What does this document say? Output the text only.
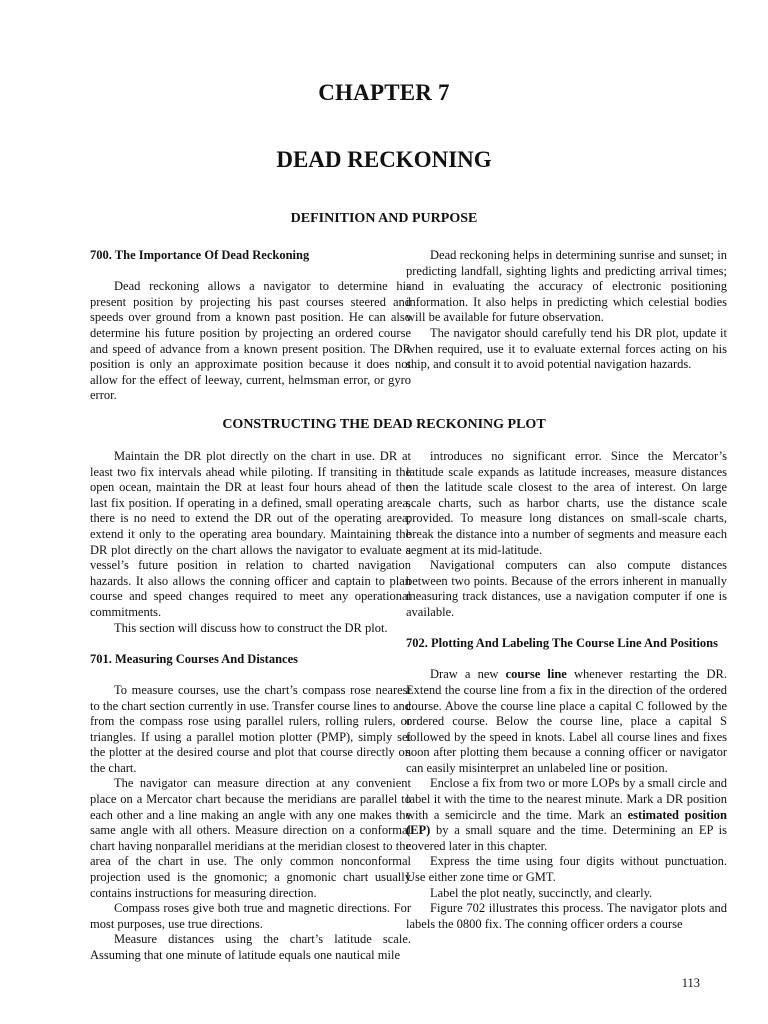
CHAPTER 7
DEAD RECKONING
DEFINITION AND PURPOSE

700. The Importance Of Dead Reckoning

Dead reckoning allows a navigator to determine his present position by projecting his past courses steered and speeds over ground from a known past position. He can also determine his future position by projecting an ordered course and speed of advance from a known present position. The DR position is only an approximate position because it does not allow for the effect of leeway, current, helmsman error, or gyro error.

Dead reckoning helps in determining sunrise and sunset; in predicting landfall, sighting lights and predicting arrival times; and in evaluating the accuracy of electronic positioning information. It also helps in predicting which celestial bodies will be available for future observation.

The navigator should carefully tend his DR plot, update it when required, use it to evaluate external forces acting on his ship, and consult it to avoid potential navigation hazards.

CONSTRUCTING THE DEAD RECKONING PLOT

Maintain the DR plot directly on the chart in use. DR at least two fix intervals ahead while piloting. If transiting in the open ocean, maintain the DR at least four hours ahead of the last fix position. If operating in a defined, small operating area, there is no need to extend the DR out of the operating area; extend it only to the operating area boundary. Maintaining the DR plot directly on the chart allows the navigator to evaluate a vessel’s future position in relation to charted navigation hazards. It also allows the conning officer and captain to plan course and speed changes required to meet any operational commitments.

This section will discuss how to construct the DR plot.

701. Measuring Courses And Distances

To measure courses, use the chart’s compass rose nearest to the chart section currently in use. Transfer course lines to and from the compass rose using parallel rulers, rolling rulers, or triangles. If using a parallel motion plotter (PMP), simply set the plotter at the desired course and plot that course directly on the chart.

The navigator can measure direction at any convenient place on a Mercator chart because the meridians are parallel to each other and a line making an angle with any one makes the same angle with all others. Measure direction on a conformal chart having nonparallel meridians at the meridian closest to the area of the chart in use. The only common nonconformal projection used is the gnomonic; a gnomonic chart usually contains instructions for measuring direction.

Compass roses give both true and magnetic directions. For most purposes, use true directions.

Measure distances using the chart’s latitude scale. Assuming that one minute of latitude equals one nautical mile

introduces no significant error. Since the Mercator’s latitude scale expands as latitude increases, measure distances on the latitude scale closest to the area of interest. On large scale charts, such as harbor charts, use the distance scale provided. To measure long distances on small-scale charts, break the distance into a number of segments and measure each segment at its mid-latitude.

Navigational computers can also compute distances between two points. Because of the errors inherent in manually measuring track distances, use a navigation computer if one is available.

702. Plotting And Labeling The Course Line And Positions

Draw a new course line whenever restarting the DR. Extend the course line from a fix in the direction of the ordered course. Above the course line place a capital C followed by the ordered course. Below the course line, place a capital S followed by the speed in knots. Label all course lines and fixes soon after plotting them because a conning officer or navigator can easily misinterpret an unlabeled line or position.

Enclose a fix from two or more LOPs by a small circle and label it with the time to the nearest minute. Mark a DR position with a semicircle and the time. Mark an estimated position (EP) by a small square and the time. Determining an EP is covered later in this chapter.

Express the time using four digits without punctuation. Use either zone time or GMT.

Label the plot neatly, succinctly, and clearly.

Figure 702 illustrates this process. The navigator plots and labels the 0800 fix. The conning officer orders a course

113
